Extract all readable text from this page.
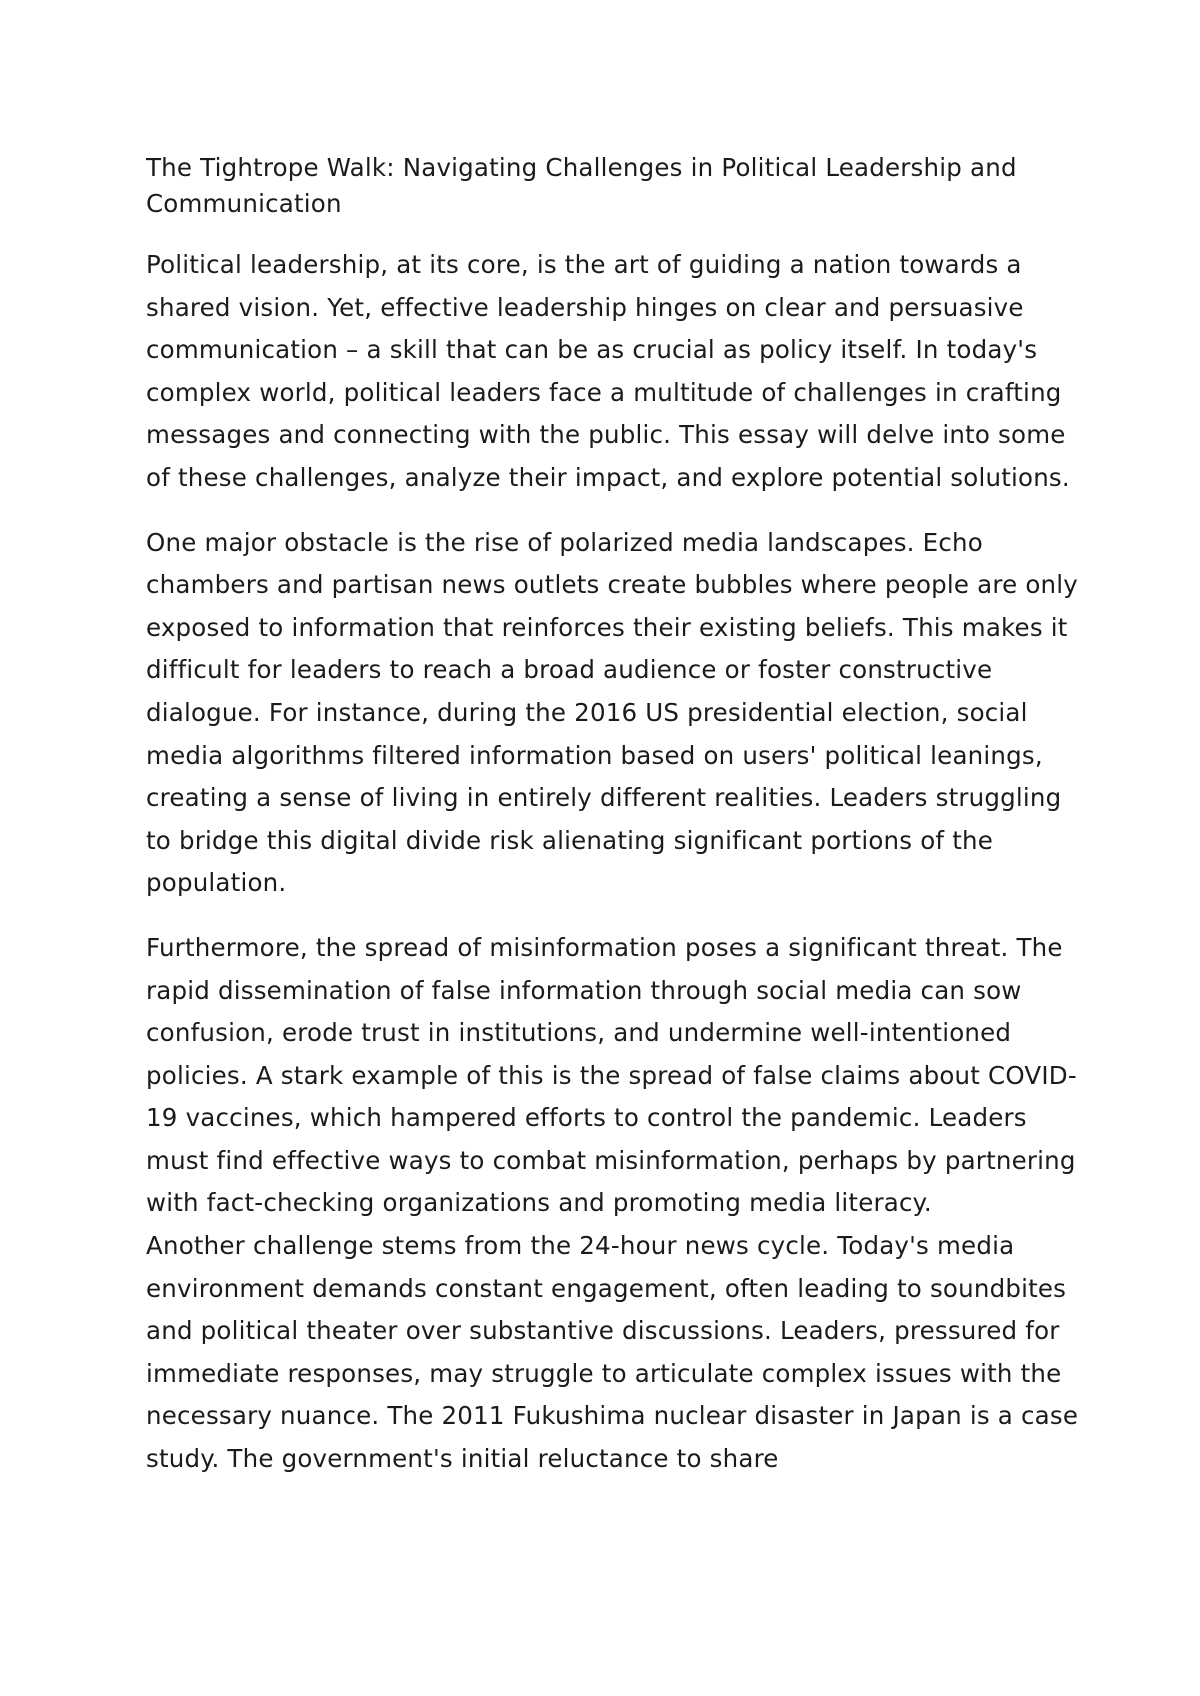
The Tightrope Walk: Navigating Challenges in Political Leadership and Communication

Political leadership, at its core, is the art of guiding a nation towards a shared vision. Yet, effective leadership hinges on clear and persuasive communication – a skill that can be as crucial as policy itself. In today's complex world, political leaders face a multitude of challenges in crafting messages and connecting with the public. This essay will delve into some of these challenges, analyze their impact, and explore potential solutions.

One major obstacle is the rise of polarized media landscapes. Echo chambers and partisan news outlets create bubbles where people are only exposed to information that reinforces their existing beliefs. This makes it difficult for leaders to reach a broad audience or foster constructive dialogue. For instance, during the 2016 US presidential election, social media algorithms filtered information based on users' political leanings, creating a sense of living in entirely different realities. Leaders struggling to bridge this digital divide risk alienating significant portions of the population.

Furthermore, the spread of misinformation poses a significant threat. The rapid dissemination of false information through social media can sow confusion, erode trust in institutions, and undermine well-intentioned policies. A stark example of this is the spread of false claims about COVID-19 vaccines, which hampered efforts to control the pandemic. Leaders must find effective ways to combat misinformation, perhaps by partnering with fact-checking organizations and promoting media literacy.

Another challenge stems from the 24-hour news cycle. Today's media environment demands constant engagement, often leading to soundbites and political theater over substantive discussions. Leaders, pressured for immediate responses, may struggle to articulate complex issues with the necessary nuance. The 2011 Fukushima nuclear disaster in Japan is a case study. The government's initial reluctance to share
